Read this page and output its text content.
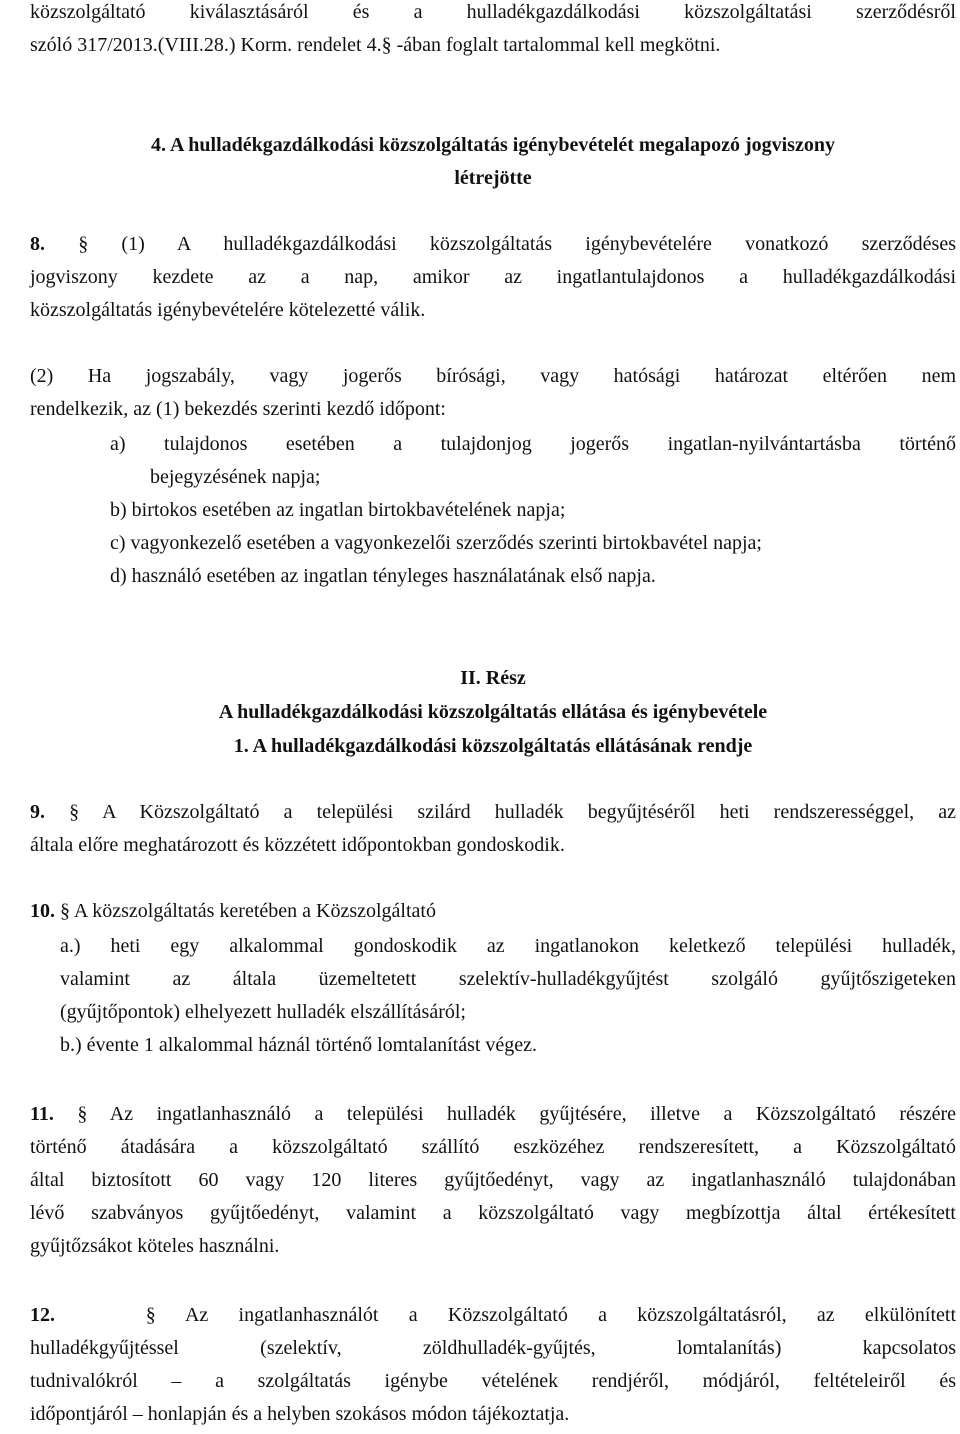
közszolgáltató kiválasztásáról és a hulladékgazdálkodási közszolgáltatási szerződésről
szóló 317/2013.(VIII.28.) Korm. rendelet 4.§ -ában foglalt tartalommal kell megkötni.
4. A hulladékgazdálkodási közszolgáltatás igénybevételét megalapozó jogviszony
létrejötte
8. § (1) A hulladékgazdálkodási közszolgáltatás igénybevételére vonatkozó szerződéses
jogviszony kezdete az a nap, amikor az ingatlantulajdonos a hulladékgazdálkodási
közszolgáltatás igénybevételére kötelezetté válik.
(2) Ha jogszabály, vagy jogerős bírósági, vagy hatósági határozat eltérően nem
rendelkezik, az (1) bekezdés szerinti kezdő időpont:
a) tulajdonos esetében a tulajdonjog jogerős ingatlan-nyilvántartásba történő
bejegyzésének napja;
b) birtokos esetében az ingatlan birtokbavételének napja;
c) vagyonkezelő esetében a vagyonkezelői szerződés szerinti birtokbavétel napja;
d) használó esetében az ingatlan tényleges használatának első napja.
II. Rész
A hulladékgazdálkodási közszolgáltatás ellátása és igénybevétele
1. A hulladékgazdálkodási közszolgáltatás ellátásának rendje
9. § A Közszolgáltató a települési szilárd hulladék begyűjtéséről heti rendszerességgel, az
általa előre meghatározott és közzétett időpontokban gondoskodik.
10. § A közszolgáltatás keretében a Közszolgáltató
a.) heti egy alkalommal gondoskodik az ingatlanokon keletkező települési hulladék,
valamint az általa üzemeltetett szelektív-hulladékgyűjtést szolgáló gyűjtőszigeteken
(gyűjtőpontok) elhelyezett hulladék elszállításáról;
b.) évente 1 alkalommal háznál történő lomtalanítást végez.
11. § Az ingatlanhasználó a települési hulladék gyűjtésére, illetve a Közszolgáltató részére
történő átadására a közszolgáltató szállító eszközéhez rendszeresített, a Közszolgáltató
által biztosított 60 vagy 120 literes gyűjtőedényt, vagy az ingatlanhasználó tulajdonában
lévő szabványos gyűjtőedényt, valamint a közszolgáltató vagy megbízottja által értékesített
gyűjtőzsákot köteles használni.
12.	§ Az ingatlanhasználót a Közszolgáltató a közszolgáltatásról, az elkülönített
hulladékgyűjtéssel (szelektív, zöldhulladék-gyűjtés, lomtalanítás) kapcsolatos
tudnivalókról – a szolgáltatás igénybe vételének rendjéről, módjáról, feltételeiről és
időpontjáról – honlapján és a helyben szokásos módon tájékoztatja.
